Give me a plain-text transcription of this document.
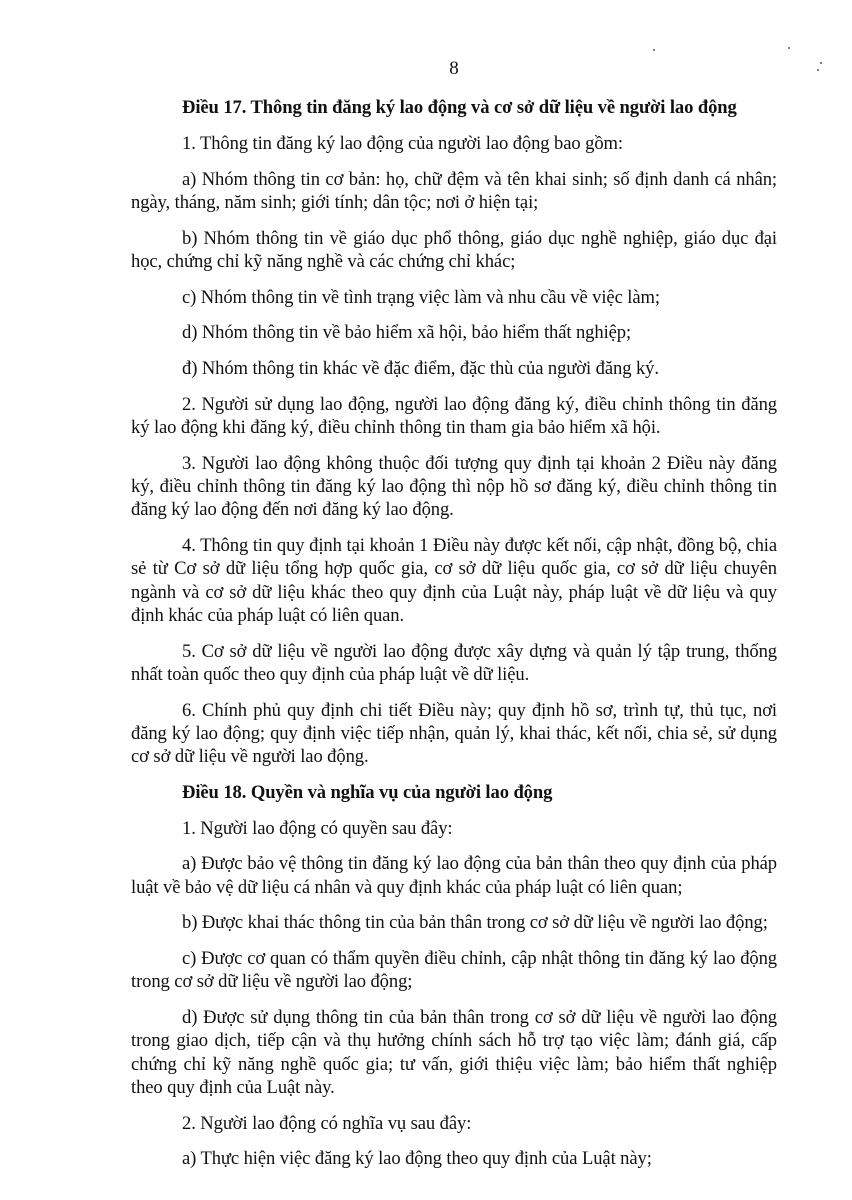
8

Điều 17. Thông tin đăng ký lao động và cơ sở dữ liệu về người lao động

1. Thông tin đăng ký lao động của người lao động bao gồm:

a) Nhóm thông tin cơ bản: họ, chữ đệm và tên khai sinh; số định danh cá nhân; ngày, tháng, năm sinh; giới tính; dân tộc; nơi ở hiện tại;

b) Nhóm thông tin về giáo dục phổ thông, giáo dục nghề nghiệp, giáo dục đại học, chứng chỉ kỹ năng nghề và các chứng chỉ khác;

c) Nhóm thông tin về tình trạng việc làm và nhu cầu về việc làm;

d) Nhóm thông tin về bảo hiểm xã hội, bảo hiểm thất nghiệp;

đ) Nhóm thông tin khác về đặc điểm, đặc thù của người đăng ký.

2. Người sử dụng lao động, người lao động đăng ký, điều chỉnh thông tin đăng ký lao động khi đăng ký, điều chỉnh thông tin tham gia bảo hiểm xã hội.

3. Người lao động không thuộc đối tượng quy định tại khoản 2 Điều này đăng ký, điều chỉnh thông tin đăng ký lao động thì nộp hồ sơ đăng ký, điều chỉnh thông tin đăng ký lao động đến nơi đăng ký lao động.

4. Thông tin quy định tại khoản 1 Điều này được kết nối, cập nhật, đồng bộ, chia sẻ từ Cơ sở dữ liệu tổng hợp quốc gia, cơ sở dữ liệu quốc gia, cơ sở dữ liệu chuyên ngành và cơ sở dữ liệu khác theo quy định của Luật này, pháp luật về dữ liệu và quy định khác của pháp luật có liên quan.

5. Cơ sở dữ liệu về người lao động được xây dựng và quản lý tập trung, thống nhất toàn quốc theo quy định của pháp luật về dữ liệu.

6. Chính phủ quy định chi tiết Điều này; quy định hồ sơ, trình tự, thủ tục, nơi đăng ký lao động; quy định việc tiếp nhận, quản lý, khai thác, kết nối, chia sẻ, sử dụng cơ sở dữ liệu về người lao động.

Điều 18. Quyền và nghĩa vụ của người lao động

1. Người lao động có quyền sau đây:

a) Được bảo vệ thông tin đăng ký lao động của bản thân theo quy định của pháp luật về bảo vệ dữ liệu cá nhân và quy định khác của pháp luật có liên quan;

b) Được khai thác thông tin của bản thân trong cơ sở dữ liệu về người lao động;

c) Được cơ quan có thẩm quyền điều chỉnh, cập nhật thông tin đăng ký lao động trong cơ sở dữ liệu về người lao động;

d) Được sử dụng thông tin của bản thân trong cơ sở dữ liệu về người lao động trong giao dịch, tiếp cận và thụ hưởng chính sách hỗ trợ tạo việc làm; đánh giá, cấp chứng chỉ kỹ năng nghề quốc gia; tư vấn, giới thiệu việc làm; bảo hiểm thất nghiệp theo quy định của Luật này.

2. Người lao động có nghĩa vụ sau đây:

a) Thực hiện việc đăng ký lao động theo quy định của Luật này;
